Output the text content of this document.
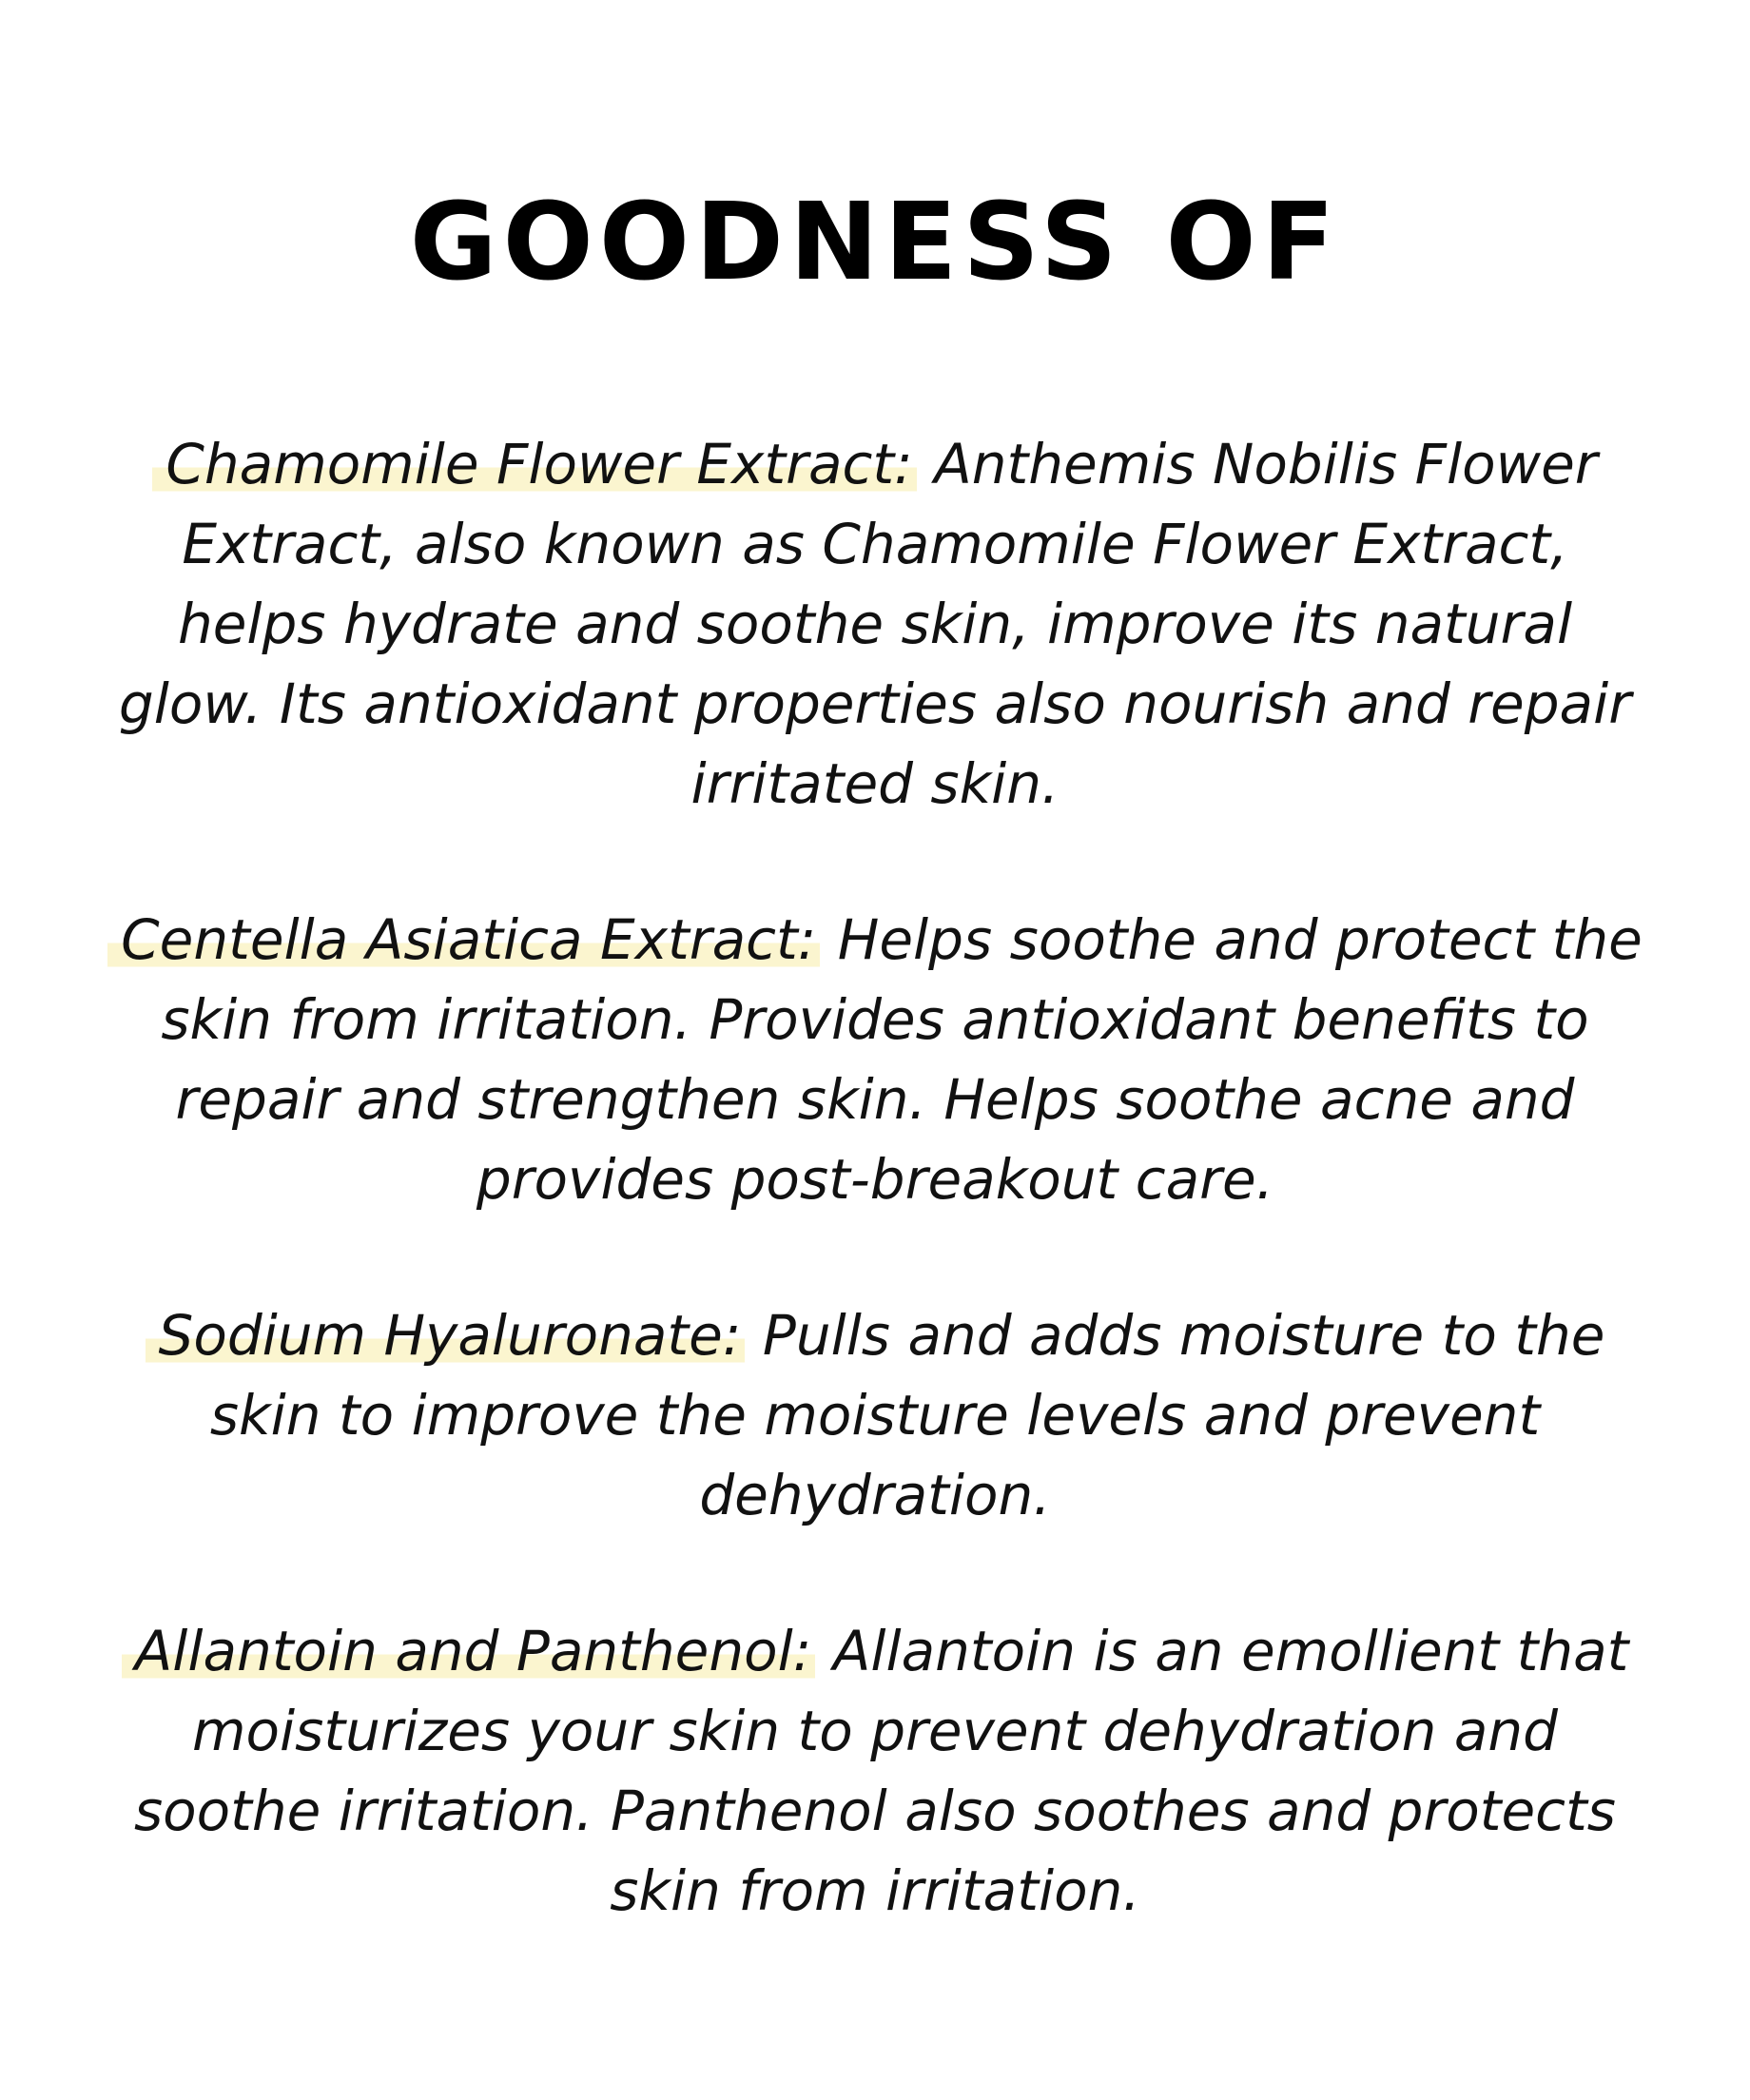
GOODNESS OF

Chamomile Flower Extract: Anthemis Nobilis Flower Extract, also known as Chamomile Flower Extract, helps hydrate and soothe skin, improve its natural glow. Its antioxidant properties also nourish and repair irritated skin.

Centella Asiatica Extract: Helps soothe and protect the skin from irritation. Provides antioxidant benefits to repair and strengthen skin. Helps soothe acne and provides post-breakout care.

Sodium Hyaluronate: Pulls and adds moisture to the skin to improve the moisture levels and prevent dehydration.

Allantoin and Panthenol: Allantoin is an emollient that moisturizes your skin to prevent dehydration and soothe irritation. Panthenol also soothes and protects skin from irritation.
